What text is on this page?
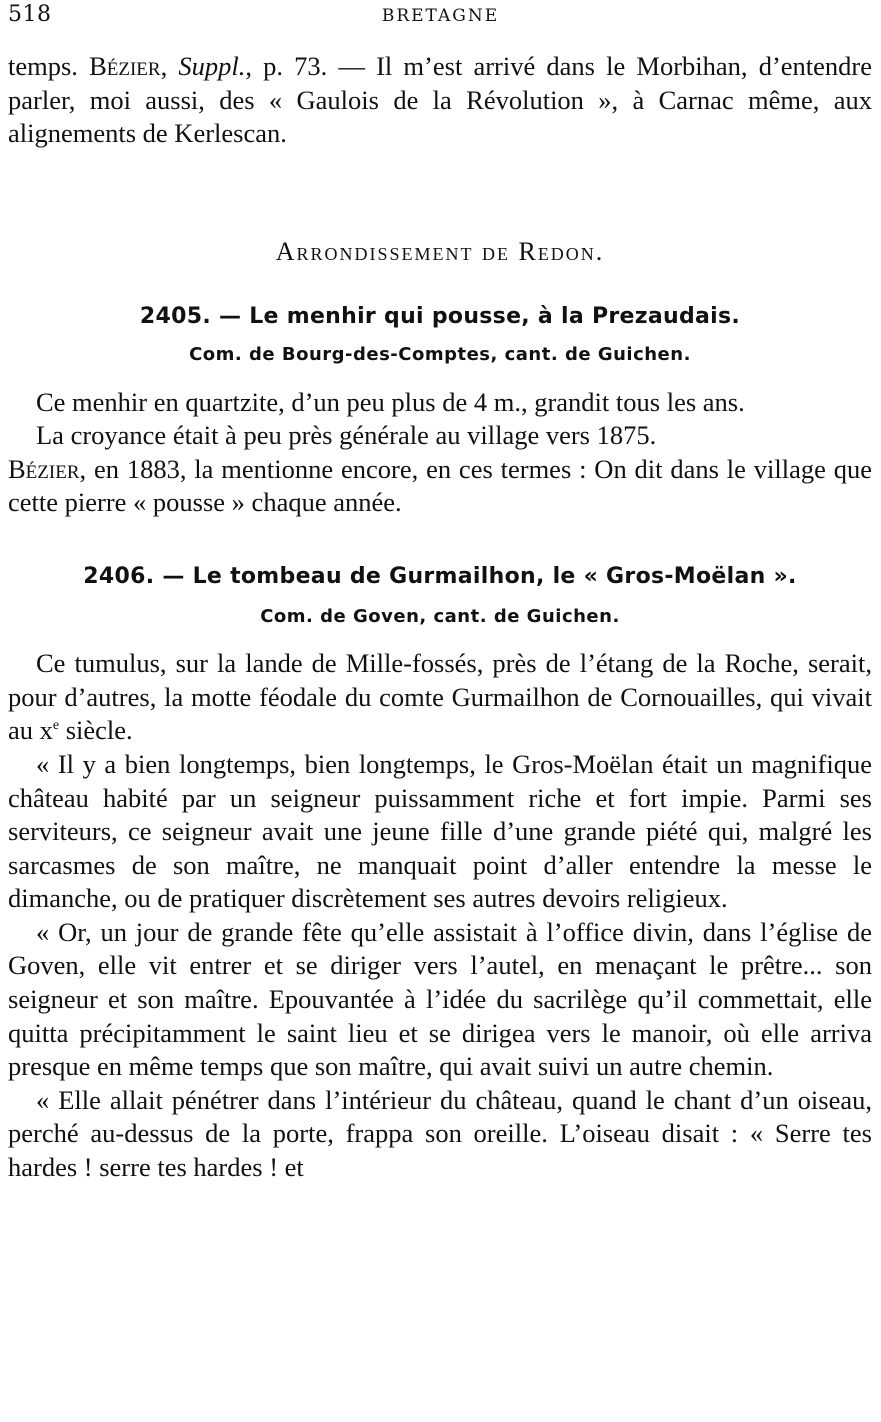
518	BRETAGNE

temps. Bézier, Suppl., p. 73. — Il m’est arrivé dans le Morbihan, d’entendre parler, moi aussi, des « Gaulois de la Révolution », à Carnac même, aux alignements de Kerlescan.

Arrondissement de Redon.
2405. — Le menhir qui pousse, à la Prezaudais.
Com. de Bourg-des-Comptes, cant. de Guichen.

Ce menhir en quartzite, d’un peu plus de 4 m., grandit tous les ans.

La croyance était à peu près générale au village vers 1875.

Bézier, en 1883, la mentionne encore, en ces termes : On dit dans le village que cette pierre « pousse » chaque année.

2406. — Le tombeau de Gurmailhon, le « Gros-Moëlan ».
Com. de Goven, cant. de Guichen.

Ce tumulus, sur la lande de Mille-fossés, près de l’étang de la Roche, serait, pour d’autres, la motte féodale du comte Gurmailhon de Cornouailles, qui vivait au $x^e$ siècle.

« Il y a bien longtemps, bien longtemps, le Gros-Moëlan était un magnifique château habité par un seigneur puissamment riche et fort impie. Parmi ses serviteurs, ce seigneur avait une jeune fille d’une grande piété qui, malgré les sarcasmes de son maître, ne manquait point d’aller entendre la messe le dimanche, ou de pratiquer discrètement ses autres devoirs religieux.

« Or, un jour de grande fête qu’elle assistait à l’office divin, dans l’église de Goven, elle vit entrer et se diriger vers l’autel, en menaçant le prêtre... son seigneur et son maître. Epouvantée à l’idée du sacrilège qu’il commettait, elle quitta précipitamment le saint lieu et se dirigea vers le manoir, où elle arriva presque en même temps que son maître, qui avait suivi un autre chemin.

« Elle allait pénétrer dans l’intérieur du château, quand le chant d’un oiseau, perché au-dessus de la porte, frappa son oreille. L’oiseau disait : « Serre tes hardes ! serre tes hardes ! et
